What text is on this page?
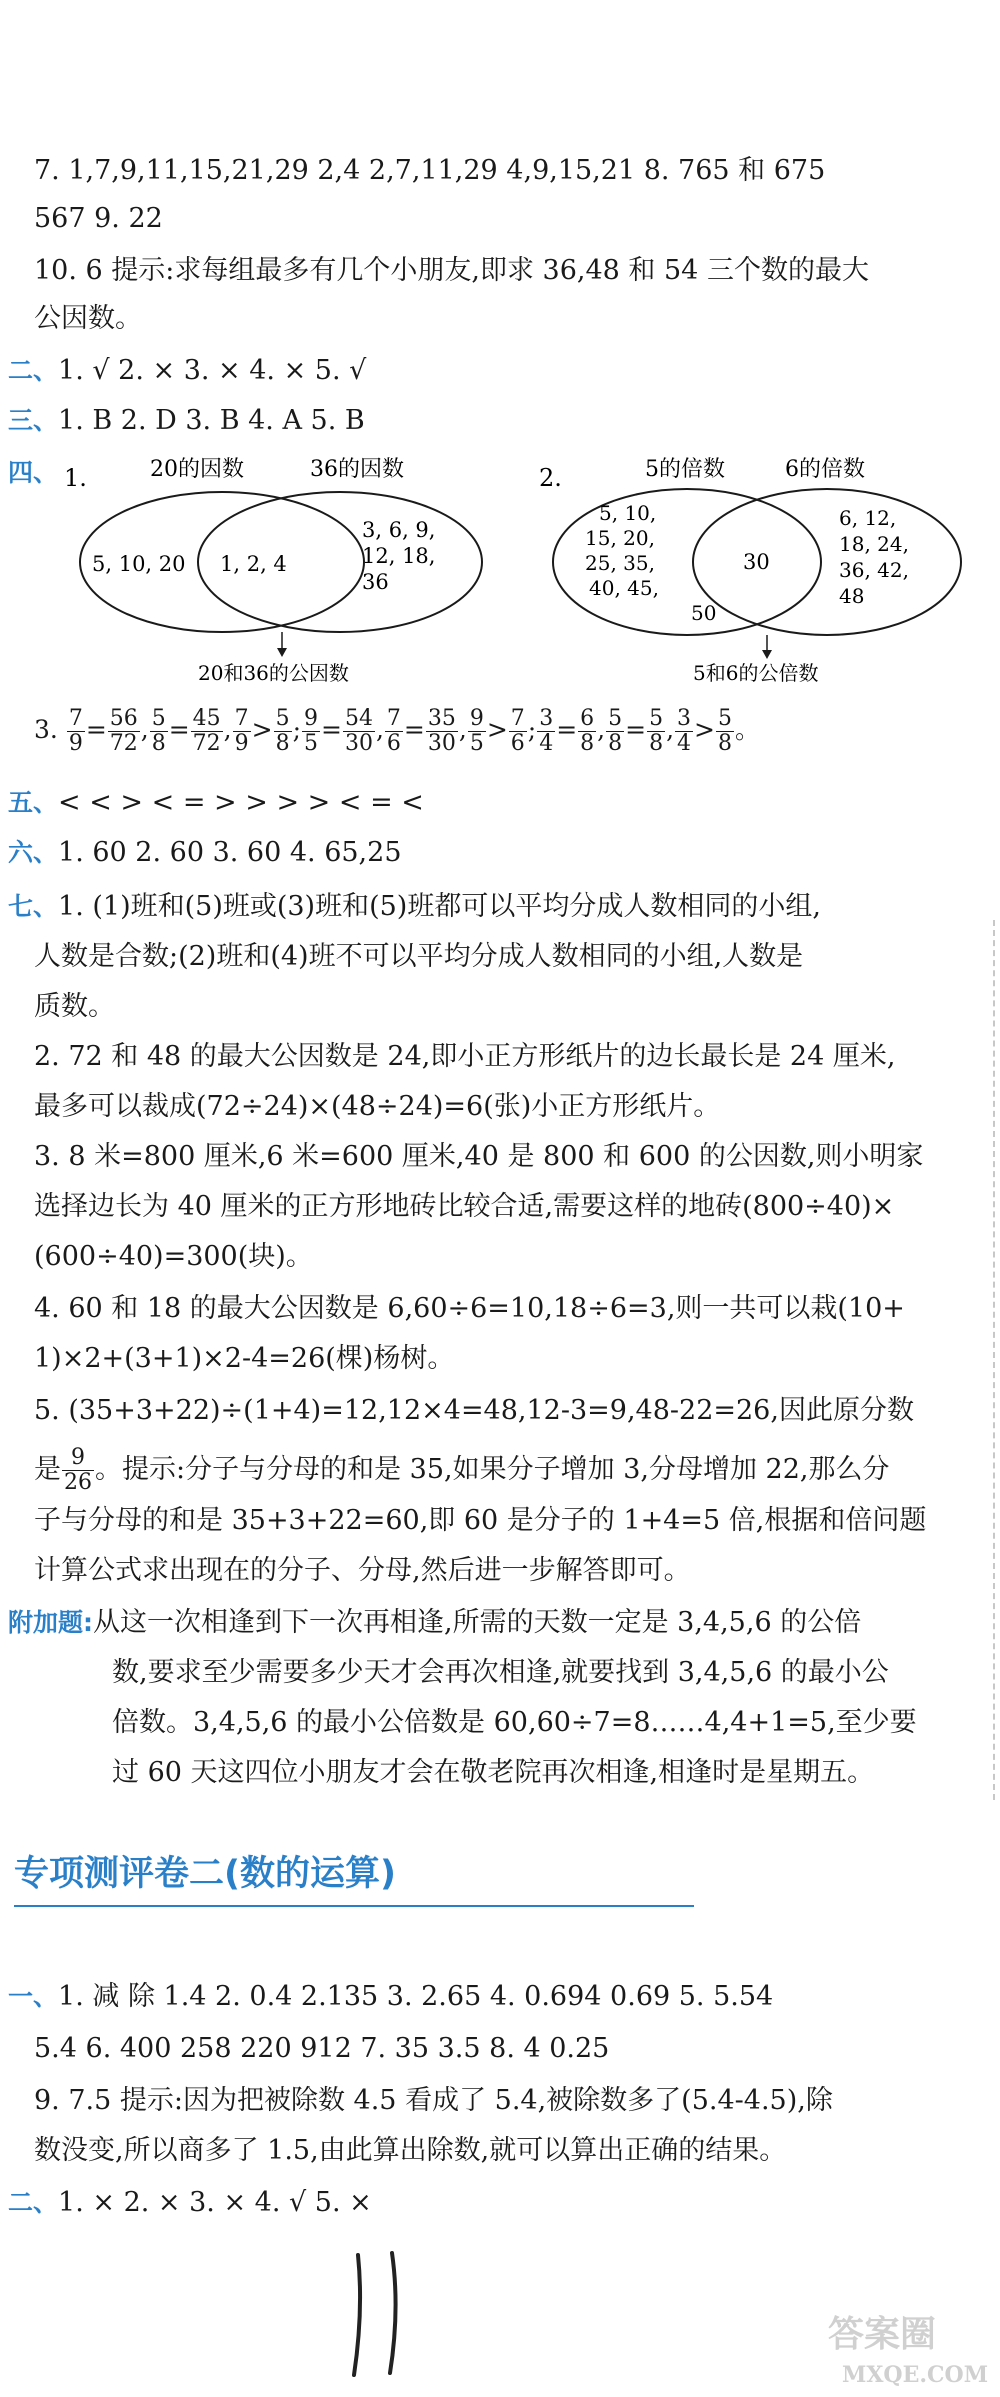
7. 1,7,9,11,15,21,29 2,4 2,7,11,29 4,9,15,21 8. 765 和 675
567 9. 22
10. 6 提示:求每组最多有几个小朋友,即求 36,48 和 54 三个数的最大
公因数。
二、1. √ 2. × 3. × 4. × 5. √
三、1. B 2. D 3. B 4. A 5. B
四、 1.	20的因数	36的因数
5, 10, 20 1, 2, 4
3, 6, 9,
12, 18,
36
20和36的公因数
2.	5的倍数	6的倍数
5, 10,
15, 20,
25, 35,
40, 45,
50
30
6, 12,
18, 24,
36, 42,
48
5和6的公倍数
3. $\frac{7}{9} = \frac{56}{72}$ , $\frac{5}{8} = \frac{45}{72}$ , $\frac{7}{9} > \frac{5}{8}$ ; $\frac{9}{5} = \frac{54}{30}$ , $\frac{7}{6} = \frac{35}{30}$ , $\frac{9}{5} > \frac{7}{6}$ ; $\frac{3}{4} = \frac{6}{8}$ , $\frac{5}{8} = \frac{5}{8}$ , $\frac{3}{4} > \frac{5}{8}$ 。
五、< < > < = > > > > < = <
六、1. 60 2. 60 3. 60 4. 65,25
七、1. (1)班和(5)班或(3)班和(5)班都可以平均分成人数相同的小组,
人数是合数;(2)班和(4)班不可以平均分成人数相同的小组,人数是
质数。
2. 72 和 48 的最大公因数是 24,即小正方形纸片的边长最长是 24 厘米,
最多可以裁成(72÷24)×(48÷24)=6(张)小正方形纸片。
3. 8 米=800 厘米,6 米=600 厘米,40 是 800 和 600 的公因数,则小明家
选择边长为 40 厘米的正方形地砖比较合适,需要这样的地砖(800÷40)×
(600÷40)=300(块)。
4. 60 和 18 的最大公因数是 6,60÷6=10,18÷6=3,则一共可以栽(10+
1)×2+(3+1)×2-4=26(棵)杨树。
5. (35+3+22)÷(1+4)=12,12×4=48,12-3=9,48-22=26,因此原分数
是 $\frac{9}{26}$ 。提示:分子与分母的和是 35,如果分子增加 3,分母增加 22,那么分
子与分母的和是 35+3+22=60,即 60 是分子的 1+4=5 倍,根据和倍问题
计算公式求出现在的分子、分母,然后进一步解答即可。
附加题:从这一次相逢到下一次再相逢,所需的天数一定是 3,4,5,6 的公倍
数,要求至少需要多少天才会再次相逢,就要找到 3,4,5,6 的最小公
倍数。3,4,5,6 的最小公倍数是 60,60÷7=8……4,4+1=5,至少要
过 60 天这四位小朋友才会在敬老院再次相逢,相逢时是星期五。
专项测评卷二(数的运算)
一、1. 减 除 1.4 2. 0.4 2.135 3. 2.65 4. 0.694 0.69 5. 5.54
5.4 6. 400 258 220 912 7. 35 3.5 8. 4 0.25
9. 7.5 提示:因为把被除数 4.5 看成了 5.4,被除数多了(5.4-4.5),除
数没变,所以商多了 1.5,由此算出除数,就可以算出正确的结果。
二、1. × 2. × 3. × 4. √ 5. ×
答案圈
MXQE.COM
